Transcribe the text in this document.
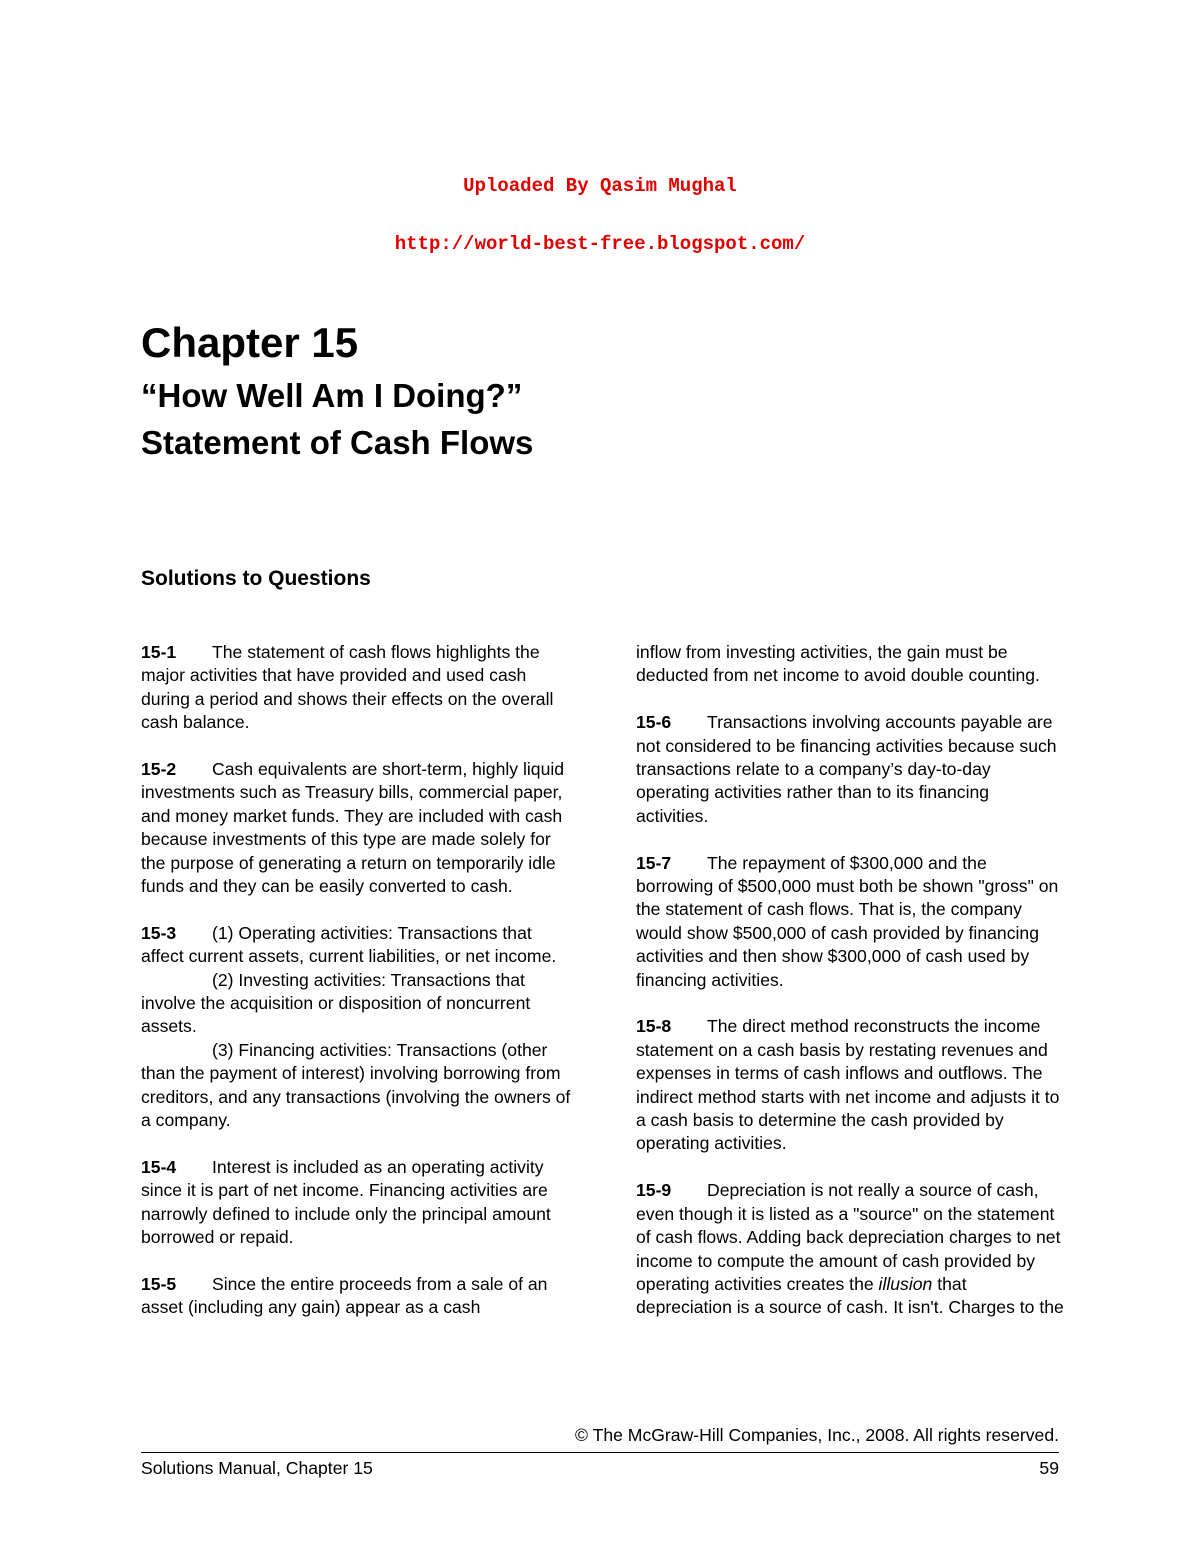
Uploaded By Qasim Mughal
http://world-best-free.blogspot.com/
Chapter 15
“How Well Am I Doing?”
Statement of Cash Flows
Solutions to Questions

15-1 The statement of cash flows highlights the major activities that have provided and used cash during a period and shows their effects on the overall cash balance.

15-2 Cash equivalents are short-term, highly liquid investments such as Treasury bills, commercial paper, and money market funds. They are included with cash because investments of this type are made solely for the purpose of generating a return on temporarily idle funds and they can be easily converted to cash.

15-3 (1) Operating activities: Transactions that affect current assets, current liabilities, or net income.
(2) Investing activities: Transactions that involve the acquisition or disposition of noncurrent assets.
(3) Financing activities: Transactions (other than the payment of interest) involving borrowing from creditors, and any transactions (involving the owners of a company.

15-4 Interest is included as an operating activity since it is part of net income. Financing activities are narrowly defined to include only the principal amount borrowed or repaid.

15-5 Since the entire proceeds from a sale of an asset (including any gain) appear as a cash

inflow from investing activities, the gain must be deducted from net income to avoid double counting.

15-6 Transactions involving accounts payable are not considered to be financing activities because such transactions relate to a company’s day-to-day operating activities rather than to its financing activities.

15-7 The repayment of $300,000 and the borrowing of $500,000 must both be shown "gross" on the statement of cash flows. That is, the company would show $500,000 of cash provided by financing activities and then show $300,000 of cash used by financing activities.

15-8 The direct method reconstructs the income statement on a cash basis by restating revenues and expenses in terms of cash inflows and outflows. The indirect method starts with net income and adjusts it to a cash basis to determine the cash provided by operating activities.

15-9 Depreciation is not really a source of cash, even though it is listed as a "source" on the statement of cash flows. Adding back depreciation charges to net income to compute the amount of cash provided by operating activities creates the illusion that depreciation is a source of cash. It isn't. Charges to the

© The McGraw-Hill Companies, Inc., 2008. All rights reserved.
Solutions Manual, Chapter 15	59
